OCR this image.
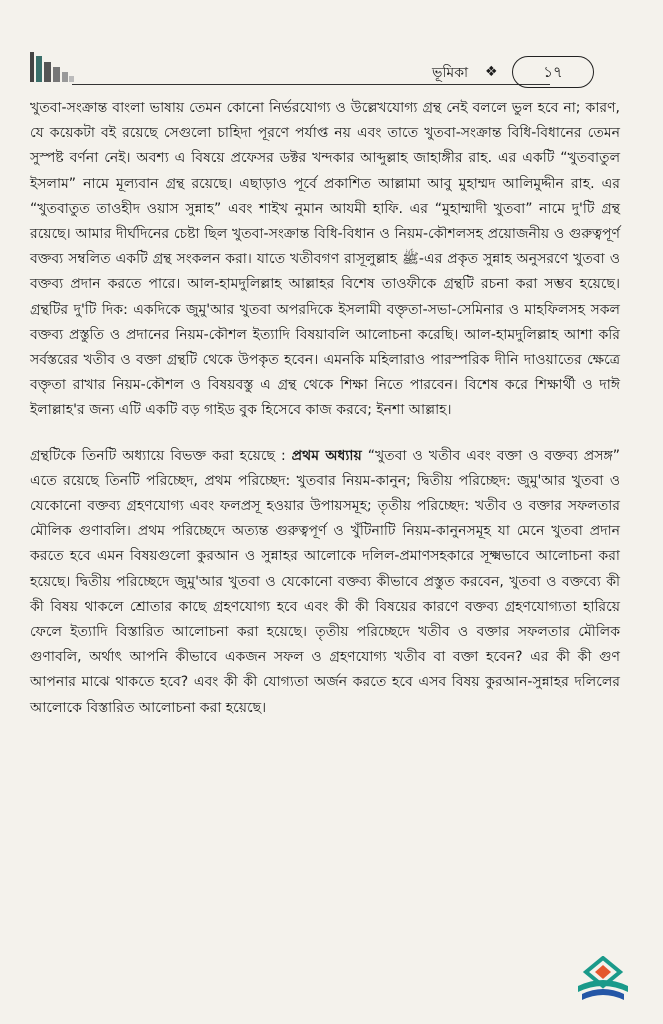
ভূমিকা ❖	১৭

খুতবা-সংক্রান্ত বাংলা ভাষায় তেমন কোনো নির্ভরযোগ্য ও উল্লেখযোগ্য গ্রন্থ নেই বললে ভুল হবে না; কারণ, যে কয়েকটা বই রয়েছে সেগুলো চাহিদা পূরণে পর্যাপ্ত নয় এবং তাতে খুতবা-সংক্রান্ত বিধি-বিধানের তেমন সুস্পষ্ট বর্ণনা নেই। অবশ্য এ বিষয়ে প্রফেসর ডক্টর খন্দকার আব্দুল্লাহ জাহাঙ্গীর রাহ. এর একটি “খুতবাতুল ইসলাম” নামে মূল্যবান গ্রন্থ রয়েছে। এছাড়াও পূর্বে প্রকাশিত আল্লামা আবু মুহাম্মদ আলিমুদ্দীন রাহ. এর “খুতবাতুত তাওহীদ ওয়াস সুন্নাহ” এবং শাইখ নুমান আযমী হাফি. এর “মুহাম্মাদী খুতবা” নামে দু'টি গ্রন্থ রয়েছে। আমার দীর্ঘদিনের চেষ্টা ছিল খুতবা-সংক্রান্ত বিধি-বিধান ও নিয়ম-কৌশলসহ প্রয়োজনীয় ও গুরুত্বপূর্ণ বক্তব্য সম্বলিত একটি গ্রন্থ সংকলন করা। যাতে খতীবগণ রাসূলুল্লাহ ﷺ-এর প্রকৃত সুন্নাহ অনুসরণে খুতবা ও বক্তব্য প্রদান করতে পারে। আল-হামদুলিল্লাহ আল্লাহর বিশেষ তাওফীকে গ্রন্থটি রচনা করা সম্ভব হয়েছে। গ্রন্থটির দু'টি দিক: একদিকে জুমু'আর খুতবা অপরদিকে ইসলামী বক্তৃতা-সভা-সেমিনার ও মাহফিলসহ সকল বক্তব্য প্রস্তুতি ও প্রদানের নিয়ম-কৌশল ইত্যাদি বিষয়াবলি আলোচনা করেছি। আল-হামদুলিল্লাহ আশা করি সর্বস্তরের খতীব ও বক্তা গ্রন্থটি থেকে উপকৃত হবেন। এমনকি মহিলারাও পারস্পরিক দীনি দাওয়াতের ক্ষেত্রে বক্তৃতা রাখার নিয়ম-কৌশল ও বিষয়বস্তু এ গ্রন্থ থেকে শিক্ষা নিতে পারবেন। বিশেষ করে শিক্ষার্থী ও দাঈ ইলাল্লাহ'র জন্য এটি একটি বড় গাইড বুক হিসেবে কাজ করবে; ইনশা আল্লাহ।

গ্রন্থটিকে তিনটি অধ্যায়ে বিভক্ত করা হয়েছে : প্রথম অধ্যায় “খুতবা ও খতীব এবং বক্তা ও বক্তব্য প্রসঙ্গ” এতে রয়েছে তিনটি পরিচ্ছেদ, প্রথম পরিচ্ছেদ: খুতবার নিয়ম-কানুন; দ্বিতীয় পরিচ্ছেদ: জুমু'আর খুতবা ও যেকোনো বক্তব্য গ্রহণযোগ্য এবং ফলপ্রসূ হওয়ার উপায়সমূহ; তৃতীয় পরিচ্ছেদ: খতীব ও বক্তার সফলতার মৌলিক গুণাবলি। প্রথম পরিচ্ছেদে অত্যন্ত গুরুত্বপূর্ণ ও খুঁটিনাটি নিয়ম-কানুনসমূহ যা মেনে খুতবা প্রদান করতে হবে এমন বিষয়গুলো কুরআন ও সুন্নাহর আলোকে দলিল-প্রমাণসহকারে সূক্ষ্মভাবে আলোচনা করা হয়েছে। দ্বিতীয় পরিচ্ছেদে জুমু'আর খুতবা ও যেকোনো বক্তব্য কীভাবে প্রস্তুত করবেন, খুতবা ও বক্তব্যে কী কী বিষয় থাকলে শ্রোতার কাছে গ্রহণযোগ্য হবে এবং কী কী বিষয়ের কারণে বক্তব্য গ্রহণযোগ্যতা হারিয়ে ফেলে ইত্যাদি বিস্তারিত আলোচনা করা হয়েছে। তৃতীয় পরিচ্ছেদে খতীব ও বক্তার সফলতার মৌলিক গুণাবলি, অর্থাৎ আপনি কীভাবে একজন সফল ও গ্রহণযোগ্য খতীব বা বক্তা হবেন? এর কী কী গুণ আপনার মাঝে থাকতে হবে? এবং কী কী যোগ্যতা অর্জন করতে হবে এসব বিষয় কুরআন-সুন্নাহর দলিলের আলোকে বিস্তারিত আলোচনা করা হয়েছে।
